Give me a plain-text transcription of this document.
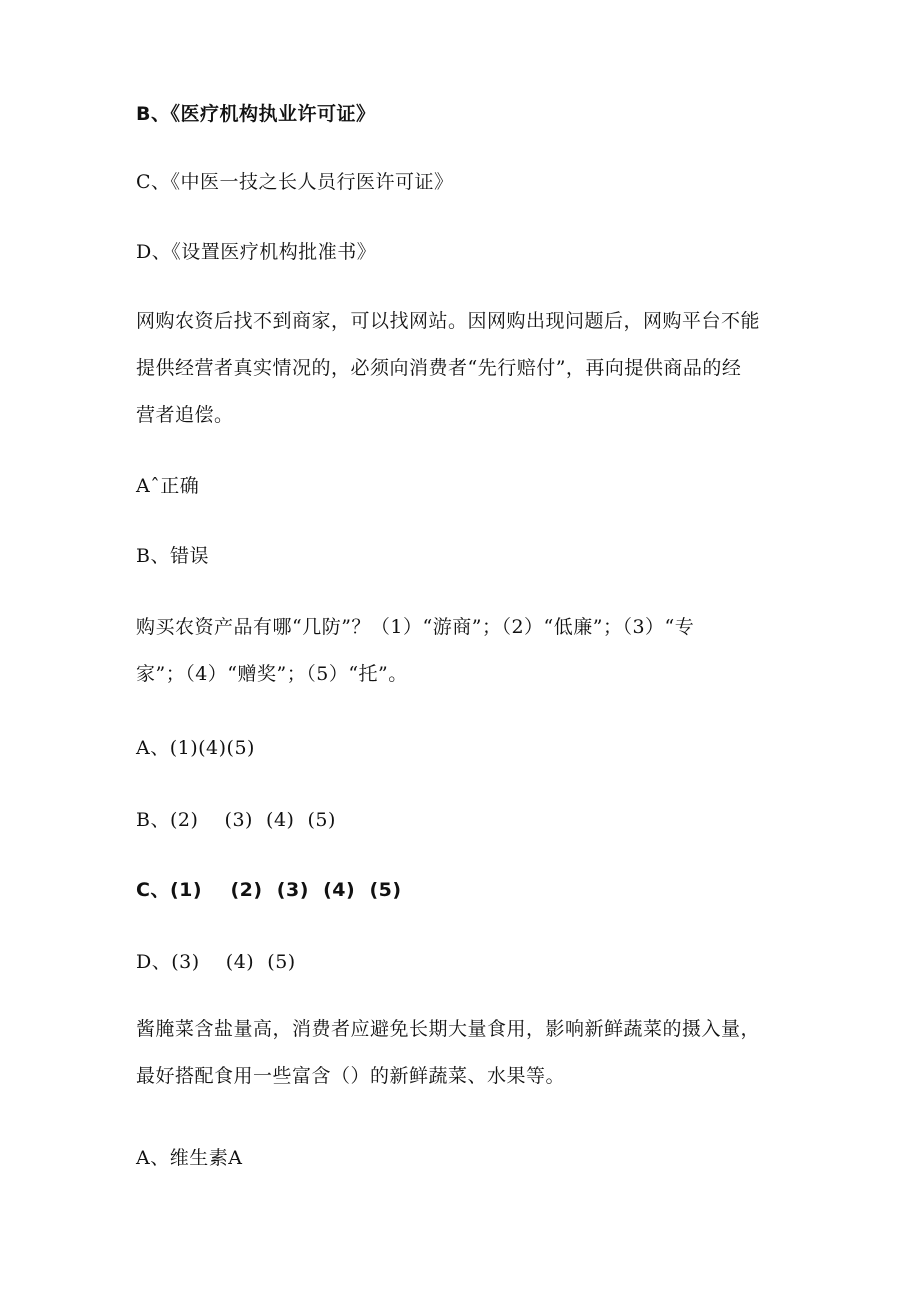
B、《医疗机构执业许可证》
C、《中医一技之长人员行医许可证》
D、《设置医疗机构批准书》
网购农资后找不到商家，可以找网站。因网购出现问题后，网购平台不能
提供经营者真实情况的，必须向消费者“先行赔付”，再向提供商品的经
营者追偿。
Aˆ正确
B、错误
购买农资产品有哪“几防”？（1）“游商”；（2）“低廉”；（3）“专
家”；（4）“赠奖”；（5）“托”。
A、(1)(4)(5)
B、(2)    (3)  (4)  (5)
C、(1)    (2)  (3)  (4)  (5)
D、(3)    (4)  (5)
酱腌菜含盐量高，消费者应避免长期大量食用，影响新鲜蔬菜的摄入量，
最好搭配食用一些富含（）的新鲜蔬菜、水果等。
A、维生素A
